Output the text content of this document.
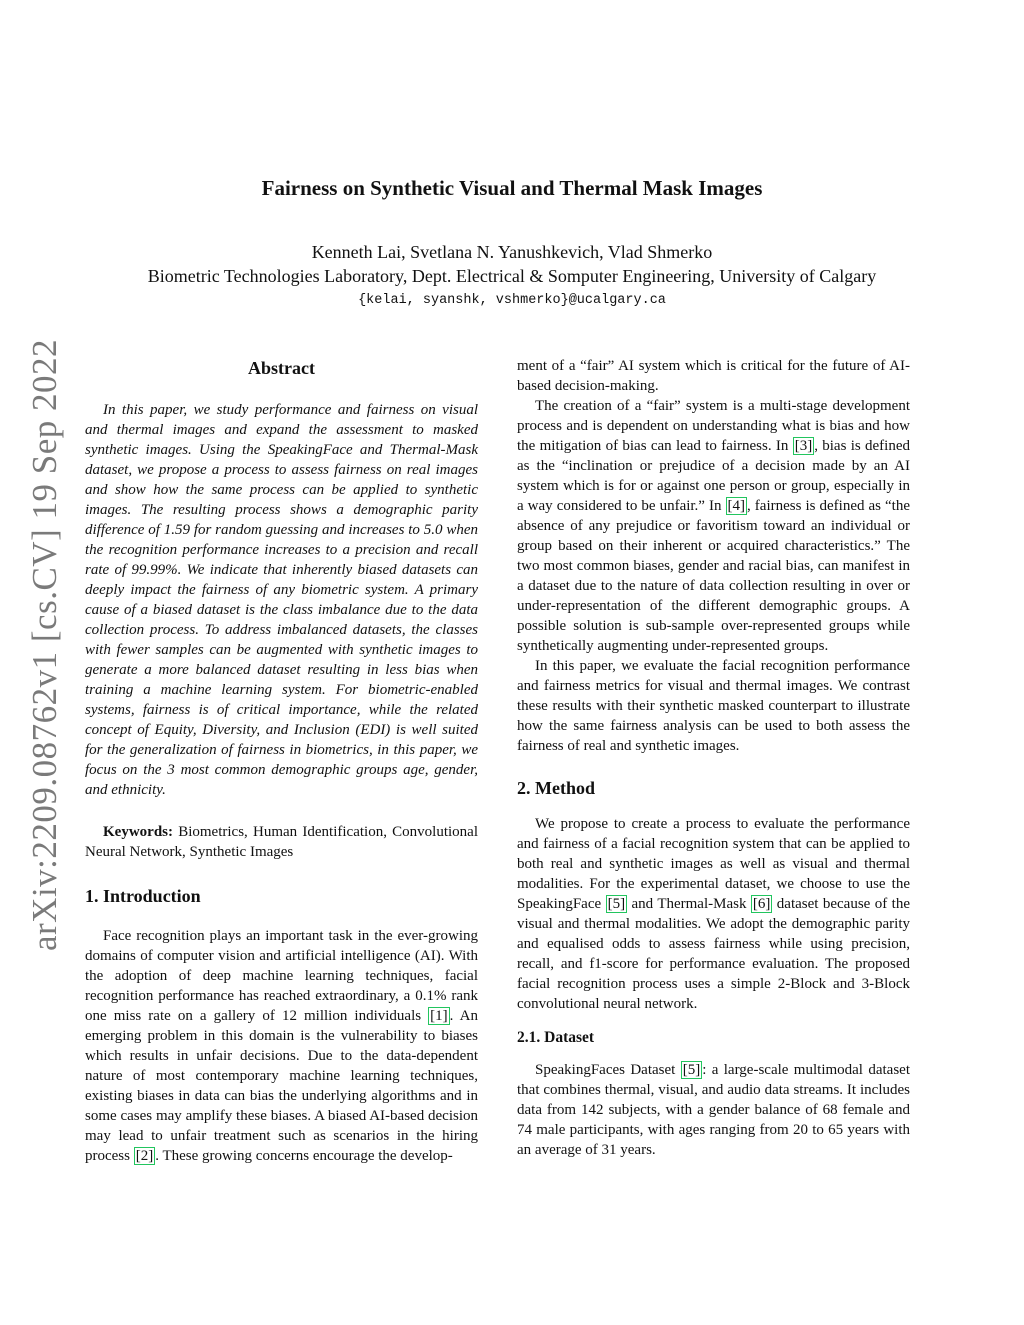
arXiv:2209.08762v1 [cs.CV] 19 Sep 2022
Fairness on Synthetic Visual and Thermal Mask Images
Kenneth Lai, Svetlana N. Yanushkevich, Vlad Shmerko
Biometric Technologies Laboratory, Dept. Electrical & Somputer Engineering, University of Calgary
{kelai, syanshk, vshmerko}@ucalgary.ca
Abstract

In this paper, we study performance and fairness on visual and thermal images and expand the assessment to masked synthetic images. Using the SpeakingFace and Thermal-Mask dataset, we propose a process to assess fairness on real images and show how the same process can be applied to synthetic images. The resulting process shows a demographic parity difference of 1.59 for random guessing and increases to 5.0 when the recognition performance increases to a precision and recall rate of 99.99%. We indicate that inherently biased datasets can deeply impact the fairness of any biometric system. A primary cause of a biased dataset is the class imbalance due to the data collection process. To address imbalanced datasets, the classes with fewer samples can be augmented with synthetic images to generate a more balanced dataset resulting in less bias when training a machine learning system. For biometric-enabled systems, fairness is of critical importance, while the related concept of Equity, Diversity, and Inclusion (EDI) is well suited for the generalization of fairness in biometrics, in this paper, we focus on the 3 most common demographic groups age, gender, and ethnicity.

Keywords: Biometrics, Human Identification, Convolutional Neural Network, Synthetic Images

1. Introduction

Face recognition plays an important task in the ever-growing domains of computer vision and artificial intelligence (AI). With the adoption of deep machine learning techniques, facial recognition performance has reached extraordinary, a 0.1% rank one miss rate on a gallery of 12 million individuals [1] . An emerging problem in this domain is the vulnerability to biases which results in unfair decisions. Due to the data-dependent nature of most contemporary machine learning techniques, existing biases in data can bias the underlying algorithms and in some cases may amplify these biases. A biased AI-based decision may lead to unfair treatment such as scenarios in the hiring process [2] . These growing concerns encourage the develop-

ment of a “fair” AI system which is critical for the future of AI-based decision-making.

The creation of a “fair” system is a multi-stage development process and is dependent on understanding what is bias and how the mitigation of bias can lead to fairness. In [3] , bias is defined as the “inclination or prejudice of a decision made by an AI system which is for or against one person or group, especially in a way considered to be unfair.” In [4] , fairness is defined as “the absence of any prejudice or favoritism toward an individual or group based on their inherent or acquired characteristics.” The two most common biases, gender and racial bias, can manifest in a dataset due to the nature of data collection resulting in over or under-representation of the different demographic groups. A possible solution is sub-sample over-represented groups while synthetically augmenting under-represented groups.

In this paper, we evaluate the facial recognition performance and fairness metrics for visual and thermal images. We contrast these results with their synthetic masked counterpart to illustrate how the same fairness analysis can be used to both assess the fairness of real and synthetic images.

2. Method

We propose to create a process to evaluate the performance and fairness of a facial recognition system that can be applied to both real and synthetic images as well as visual and thermal modalities. For the experimental dataset, we choose to use the SpeakingFace [5] and Thermal-Mask [6] dataset because of the visual and thermal modalities. We adopt the demographic parity and equalised odds to assess fairness while using precision, recall, and f1-score for performance evaluation. The proposed facial recognition process uses a simple 2-Block and 3-Block convolutional neural network.

2.1. Dataset

SpeakingFaces Dataset [5] : a large-scale multimodal dataset that combines thermal, visual, and audio data streams. It includes data from 142 subjects, with a gender balance of 68 female and 74 male participants, with ages ranging from 20 to 65 years with an average of 31 years.
